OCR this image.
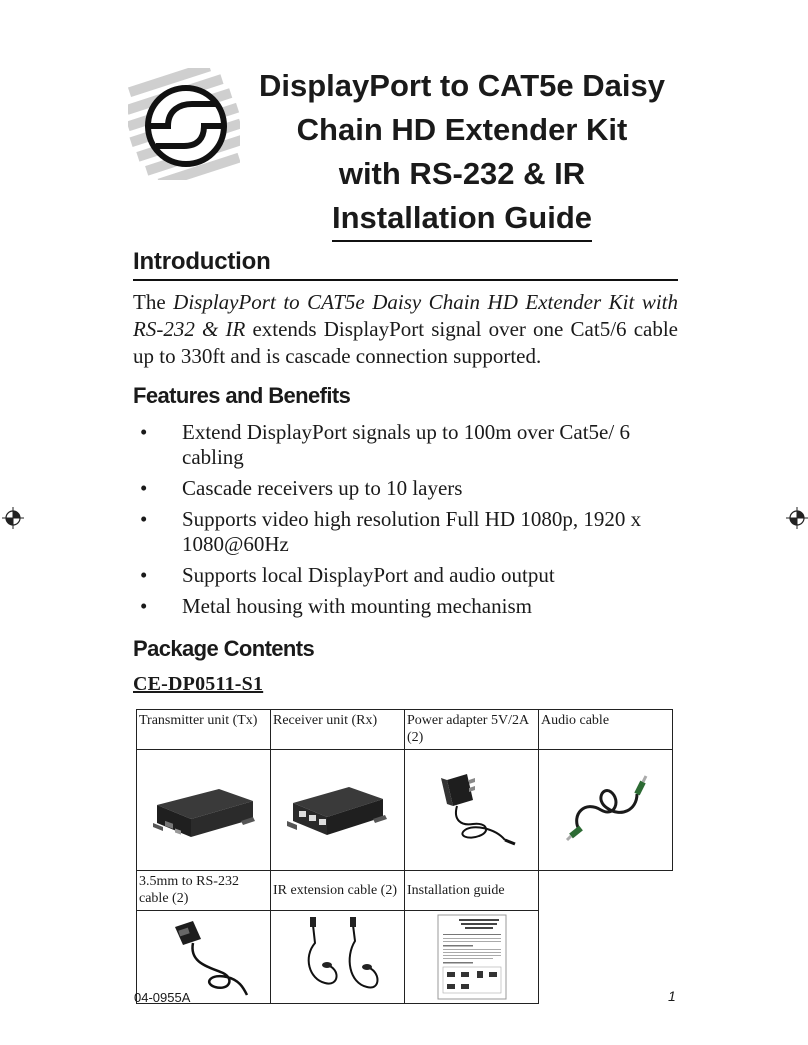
DisplayPort to CAT5e Daisy
Chain HD Extender Kit
with RS-232 & IR
Installation Guide
Introduction
The DisplayPort to CAT5e Daisy Chain HD Extender Kit with RS-232 & IR extends DisplayPort signal over one Cat5/6 cable up to 330ft and is cascade connection supported.
Features and Benefits
• Extend DisplayPort signals up to 100m over Cat5e/ 6 cabling
• Cascade receivers up to 10 layers
• Supports video high resolution Full HD 1080p, 1920 x 1080@60Hz
• Supports local DisplayPort and audio output
• Metal housing with mounting mechanism
Package Contents
CE-DP0511-S1
Transmitter unit (Tx)	Receiver unit (Rx)	Power adapter 5V/2A (2)	Audio cable

3.5mm to RS-232 cable (2)	IR extension cable (2)	Installation guide	

04-0955A	1
